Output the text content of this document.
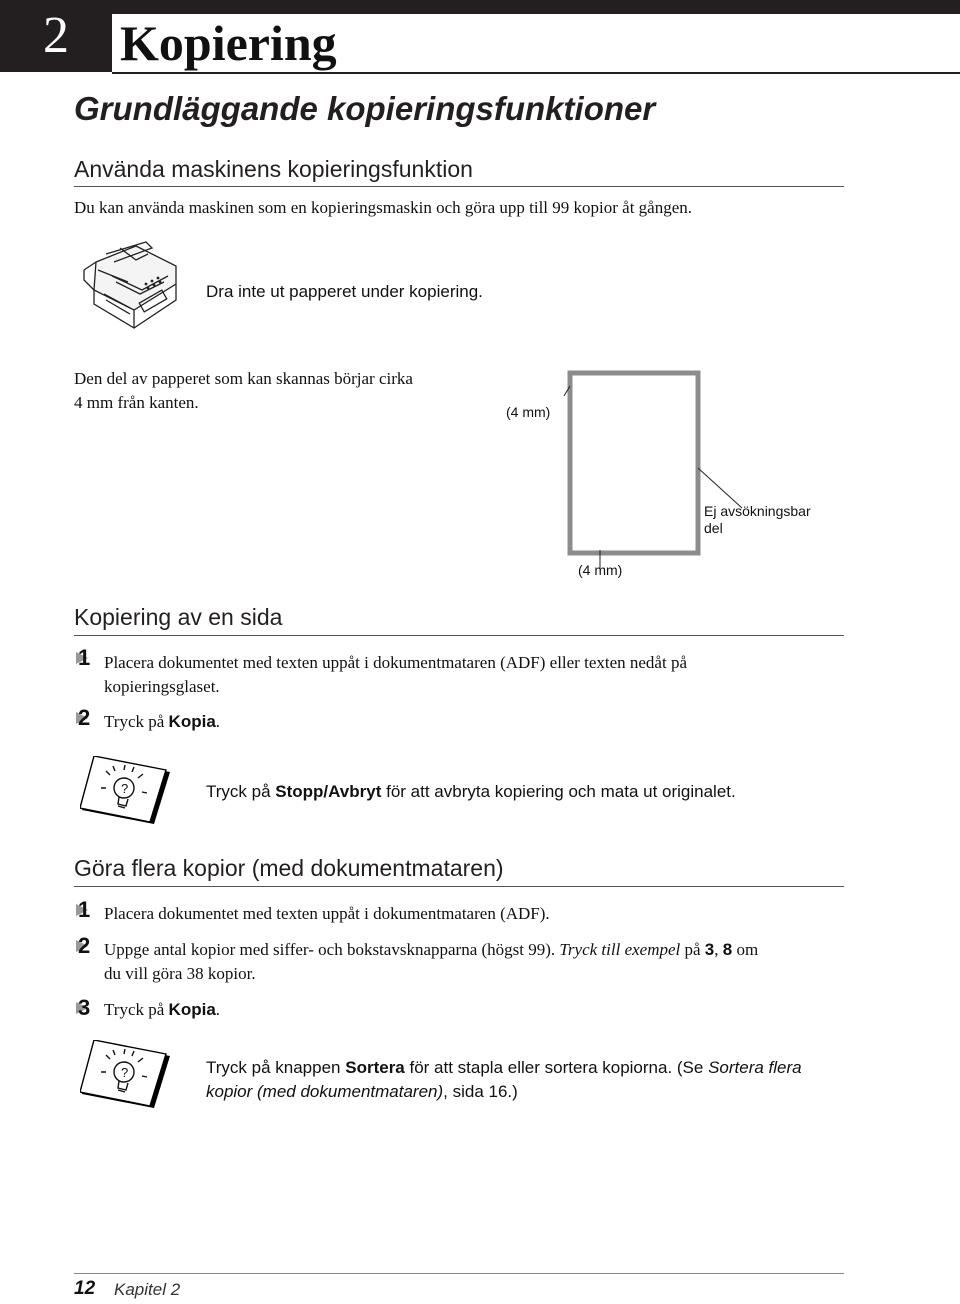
2	Kopiering
Grundläggande kopieringsfunktioner
Använda maskinens kopieringsfunktion
Du kan använda maskinen som en kopieringsmaskin och göra upp till 99 kopior åt gången.
Dra inte ut papperet under kopiering.
Den del av papperet som kan skannas börjar cirka
4 mm från kanten.	(4 mm)
(4 mm)
Ej avsökningsbar
del
Kopiering av en sida
1 Placera dokumentet med texten uppåt i dokumentmataren (ADF) eller texten nedåt på
kopieringsglaset.
2 Tryck på Kopia.
?	Tryck på Stopp/Avbryt för att avbryta kopiering och mata ut originalet.
Göra flera kopior (med dokumentmataren)
1 Placera dokumentet med texten uppåt i dokumentmataren (ADF).
2 Uppge antal kopior med siffer- och bokstavsknapparna (högst 99). Tryck till exempel på 3, 8 om
du vill göra 38 kopior.
3 Tryck på Kopia.
?	Tryck på knappen Sortera för att stapla eller sortera kopiorna. (Se Sortera flera
kopior (med dokumentmataren), sida 16.)
12 Kapitel 2
